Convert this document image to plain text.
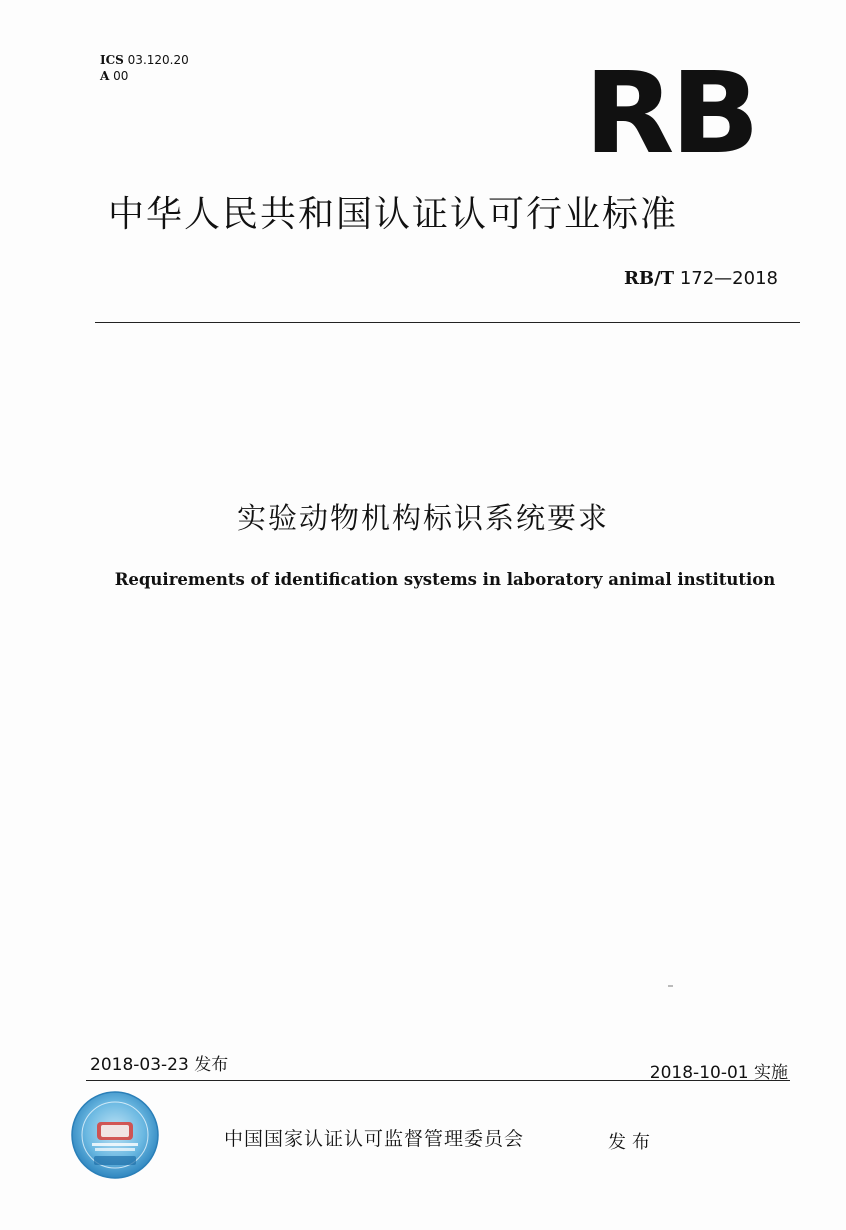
ICS 03.120.20
A 00	RB
中华人民共和国认证认可行业标准
RB/T 172—2018
实验动物机构标识系统要求
Requirements of identification systems in laboratory animal institution
2018-03-23 发布	2018-10-01 实施
中国国家认证认可监督管理委员会	发布
